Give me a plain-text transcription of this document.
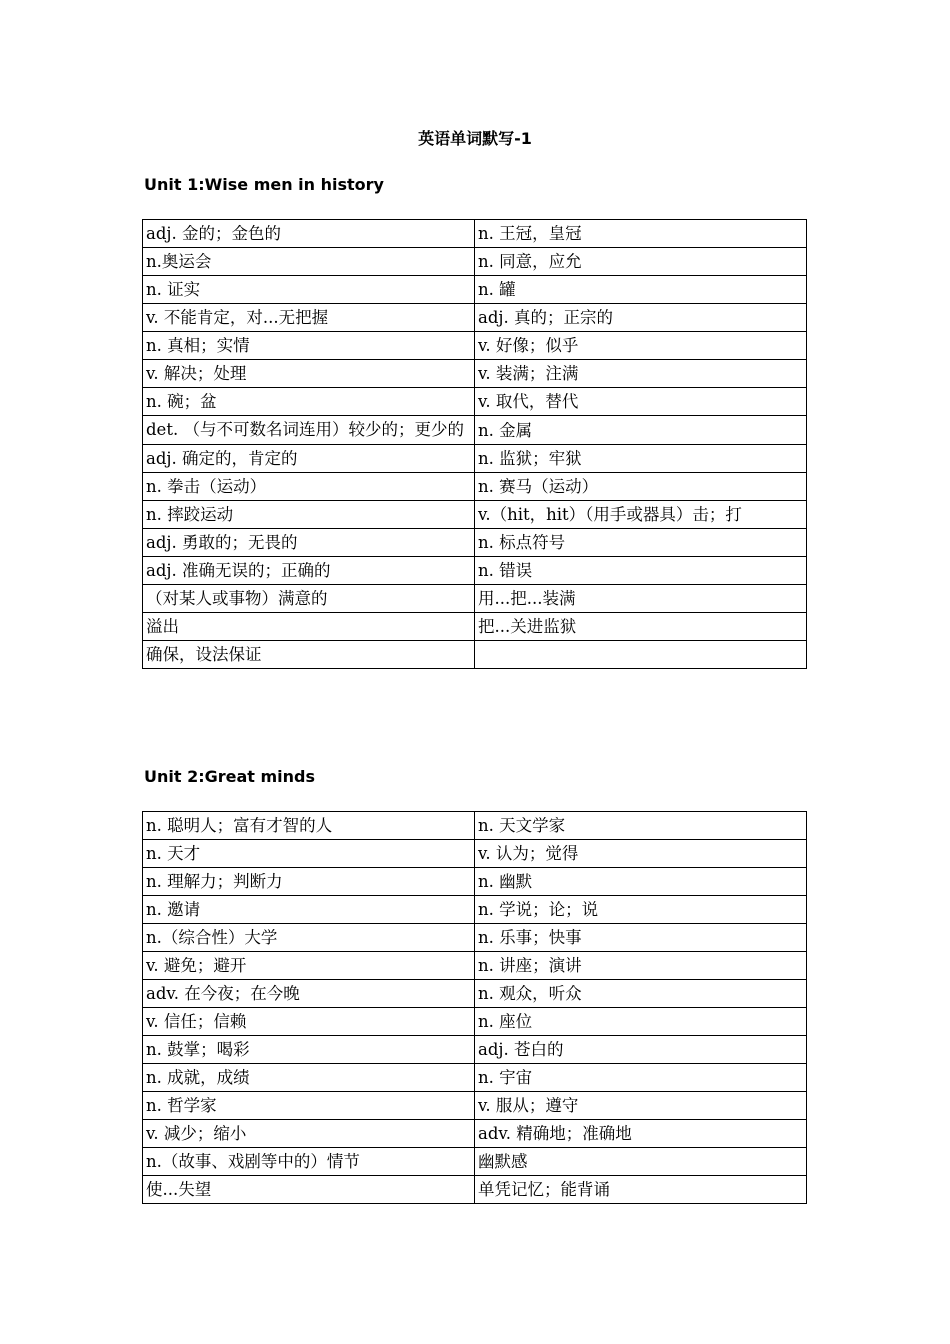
英语单词默写-1
Unit 1:Wise men in history
adj. 金的；金色的	n. 王冠，皇冠
n.奥运会	n. 同意，应允
n. 证实	n. 罐
v. 不能肯定，对...无把握	adj. 真的；正宗的
n. 真相；实情	v. 好像；似乎
v. 解决；处理	v. 装满；注满
n. 碗；盆	v. 取代，替代
det. （与不可数名词连用）较少的；更少的	n. 金属
adj. 确定的，肯定的	n. 监狱；牢狱
n. 拳击（运动）	n. 赛马（运动）
n. 摔跤运动	v.（hit，hit）（用手或器具）击；打
adj. 勇敢的；无畏的	n. 标点符号
adj. 准确无误的；正确的	n. 错误
（对某人或事物）满意的	用...把...装满
溢出	把...关进监狱
确保，设法保证	
Unit 2:Great minds
n. 聪明人；富有才智的人	n. 天文学家
n. 天才	v. 认为；觉得
n. 理解力；判断力	n. 幽默
n. 邀请	n. 学说；论；说
n.（综合性）大学	n. 乐事；快事
v. 避免；避开	n. 讲座；演讲
adv. 在今夜；在今晚	n. 观众，听众
v. 信任；信赖	n. 座位
n. 鼓掌；喝彩	adj. 苍白的
n. 成就，成绩	n. 宇宙
n. 哲学家	v. 服从；遵守
v. 减少；缩小	adv. 精确地；准确地
n.（故事、戏剧等中的）情节	幽默感
使...失望	单凭记忆；能背诵
